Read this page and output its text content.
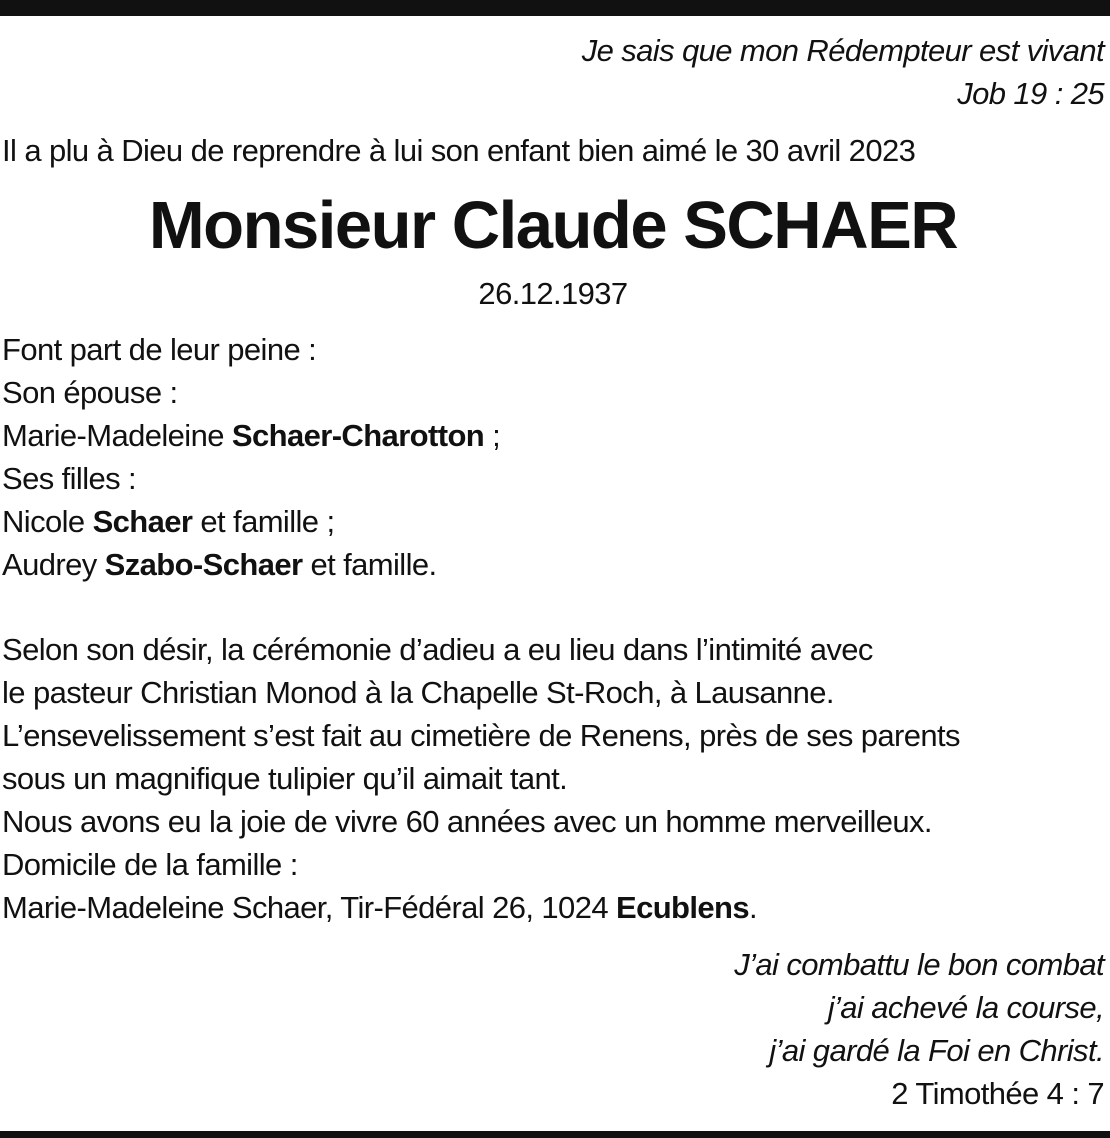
Je sais que mon Rédempteur est vivant
Job 19 : 25
Il a plu à Dieu de reprendre à lui son enfant bien aimé le 30 avril 2023
Monsieur Claude SCHAER
26.12.1937
Font part de leur peine :
Son épouse :
Marie-Madeleine Schaer-Charotton ;
Ses filles :
Nicole Schaer et famille ;
Audrey Szabo-Schaer et famille.
Selon son désir, la cérémonie d’adieu a eu lieu dans l’intimité avec
le pasteur Christian Monod à la Chapelle St-Roch, à Lausanne.
L’ensevelissement s’est fait au cimetière de Renens, près de ses parents
sous un magnifique tulipier qu’il aimait tant.
Nous avons eu la joie de vivre 60 années avec un homme merveilleux.
Domicile de la famille :
Marie-Madeleine Schaer, Tir-Fédéral 26, 1024 Ecublens.
J’ai combattu le bon combat
j’ai achevé la course,
j’ai gardé la Foi en Christ.
2 Timothée 4 : 7
